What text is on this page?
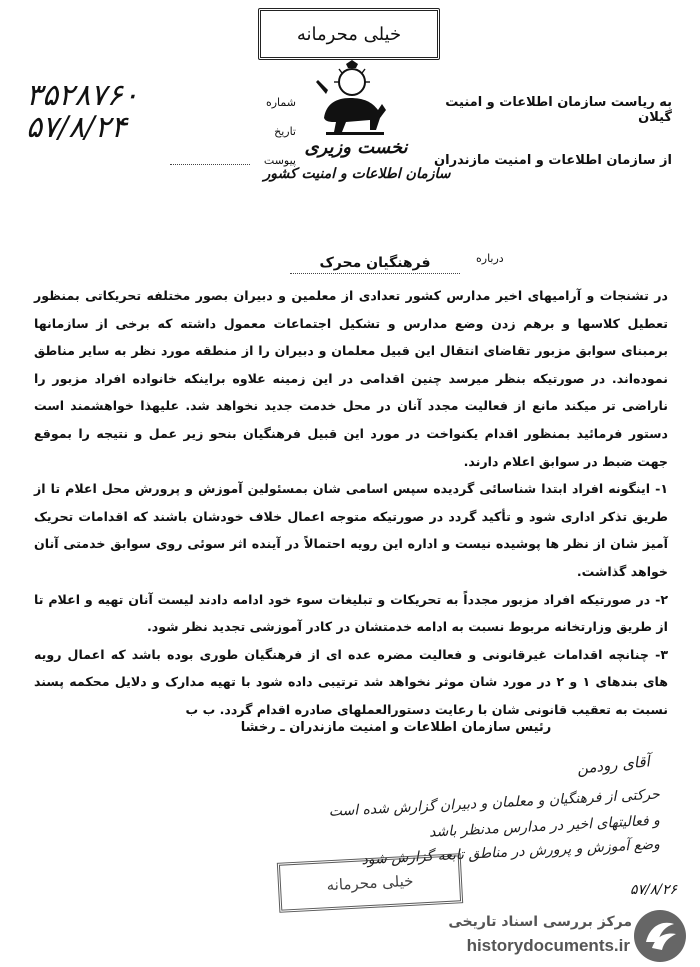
خیلی محرمانه
نخست وزیری
سازمان اطلاعات و امنیت کشور
شماره
۳۵۲۸۷۶۰
تاریخ
۵۷/۸/۲۴
پیوست
به ریاست سازمان اطلاعات و امنیت گیلان
از سازمان اطلاعات و امنیت مازندران
درباره
فرهنگیان محرک

در تشنجات و آرامیهای اخیر مدارس کشور تعدادی از معلمین و دبیران بصور مختلفه تحریکاتی بمنظور تعطیل کلاسها و برهم زدن وضع مدارس و تشکیل اجتماعات معمول داشته که برخی از سازمانها برمبنای سوابق مزبور تقاضای انتقال این قبیل معلمان و دبیران را از منطقه مورد نظر به سایر مناطق نموده‌اند. در صورتیکه بنظر میرسد چنین اقدامی در این زمینه علاوه براینکه خانواده افراد مزبور را ناراضی تر میکند مانع از فعالیت مجدد آنان در محل خدمت جدید نخواهد شد. علیهذا خواهشمند است دستور فرمائید بمنظور اقدام یکنواخت در مورد این قبیل فرهنگیان بنحو زیر عمل و نتیجه را بموقع جهت ضبط در سوابق اعلام دارند.

۱- اینگونه افراد ابتدا شناسائی گردیده سپس اسامی شان بمسئولین آموزش و پرورش محل اعلام تا از طریق تذکر اداری شود و تأکید گردد در صورتیکه متوجه اعمال خلاف خودشان باشند که اقدامات تحریک آمیز شان از نظر ها پوشیده نیست و اداره این رویه احتمالاً در آینده اثر سوئی روی سوابق خدمتی آنان خواهد گذاشت.

۲- در صورتیکه افراد مزبور مجدداً به تحریکات و تبلیغات سوء خود ادامه دادند لیست آنان تهیه و اعلام تا از طریق وزارتخانه مربوط نسبت به ادامه خدمتشان در کادر آموزشی تجدید نظر شود.

۳- چنانچه اقدامات غیرقانونی و فعالیت مضره عده ای از فرهنگیان طوری بوده باشد که اعمال رویه های بندهای ۱ و ۲ در مورد شان موثر نخواهد شد ترتیبی داده شود با تهیه مدارک و دلایل محکمه پسند نسبت به تعقیب قانونی شان با رعایت دستورالعملهای صادره اقدام گردد. ب ب

رئیس سازمان اطلاعات و امنیت مازندران ـ رخشا
آقای رودمن
حرکتی از فرهنگیان و معلمان و دبیران گزارش شده است
و فعالیتهای اخیر در مدارس مدنظر باشد
وضع آموزش و پرورش در مناطق تابعه گزارش شود
خیلی محرمانه	۵۷/۸/۲۶
مرکز بررسی اسناد تاریخی
historydocuments.ir
